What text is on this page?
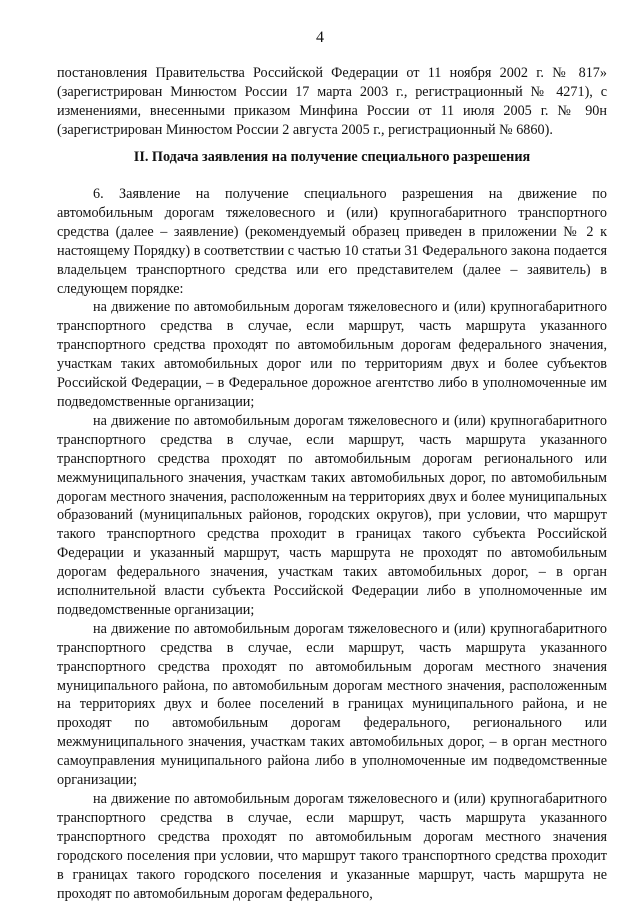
4

постановления Правительства Российской Федерации от 11 ноября 2002 г. № 817» (зарегистрирован Минюстом России 17 марта 2003 г., регистрационный № 4271), с изменениями, внесенными приказом Минфина России от 11 июля 2005 г. № 90н (зарегистрирован Минюстом России 2 августа 2005 г., регистрационный № 6860).

II. Подача заявления на получение специального разрешения

6. Заявление на получение специального разрешения на движение по автомобильным дорогам тяжеловесного и (или) крупногабаритного транспортного средства (далее – заявление) (рекомендуемый образец приведен в приложении № 2 к настоящему Порядку) в соответствии с частью 10 статьи 31 Федерального закона подается владельцем транспортного средства или его представителем (далее – заявитель) в следующем порядке:

на движение по автомобильным дорогам тяжеловесного и (или) крупногабаритного транспортного средства в случае, если маршрут, часть маршрута указанного транспортного средства проходят по автомобильным дорогам федерального значения, участкам таких автомобильных дорог или по территориям двух и более субъектов Российской Федерации, – в Федеральное дорожное агентство либо в уполномоченные им подведомственные организации;

на движение по автомобильным дорогам тяжеловесного и (или) крупногабаритного транспортного средства в случае, если маршрут, часть маршрута указанного транспортного средства проходят по автомобильным дорогам регионального или межмуниципального значения, участкам таких автомобильных дорог, по автомобильным дорогам местного значения, расположенным на территориях двух и более муниципальных образований (муниципальных районов, городских округов), при условии, что маршрут такого транспортного средства проходит в границах такого субъекта Российской Федерации и указанный маршрут, часть маршрута не проходят по автомобильным дорогам федерального значения, участкам таких автомобильных дорог, – в орган исполнительной власти субъекта Российской Федерации либо в уполномоченные им подведомственные организации;

на движение по автомобильным дорогам тяжеловесного и (или) крупногабаритного транспортного средства в случае, если маршрут, часть маршрута указанного транспортного средства проходят по автомобильным дорогам местного значения муниципального района, по автомобильным дорогам местного значения, расположенным на территориях двух и более поселений в границах муниципального района, и не проходят по автомобильным дорогам федерального, регионального или межмуниципального значения, участкам таких автомобильных дорог, – в орган местного самоуправления муниципального района либо в уполномоченные им подведомственные организации;

на движение по автомобильным дорогам тяжеловесного и (или) крупногабаритного транспортного средства в случае, если маршрут, часть маршрута указанного транспортного средства проходят по автомобильным дорогам местного значения городского поселения при условии, что маршрут такого транспортного средства проходит в границах такого городского поселения и указанные маршрут, часть маршрута не проходят по автомобильным дорогам федерального,
